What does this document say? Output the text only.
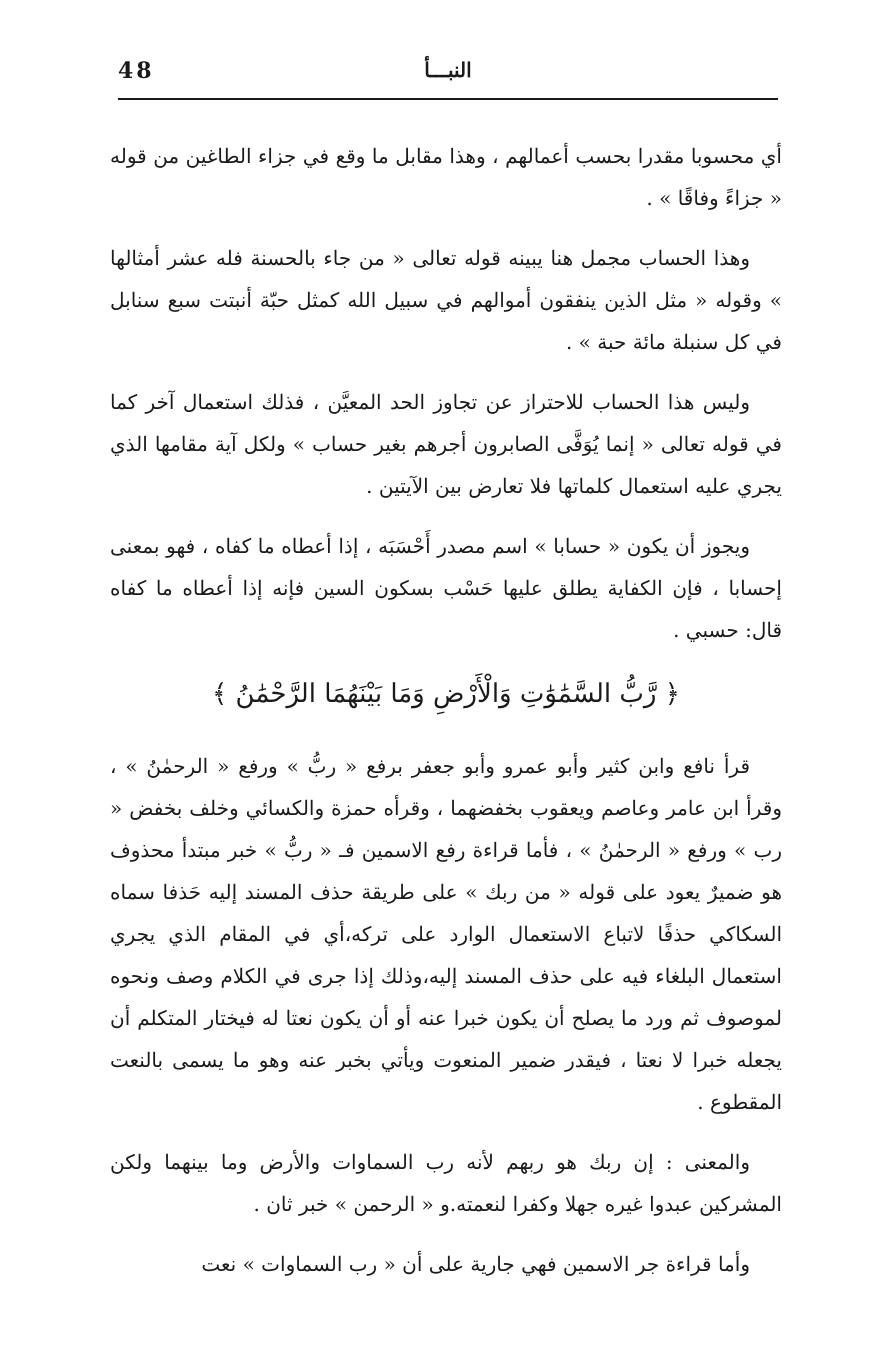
48	النبـــأ

أي محسوبا مقدرا بحسب أعمالهم ، وهذا مقابل ما وقع في جزاء الطاغين من قوله « جزاءً وفاقًا » .

وهذا الحساب مجمل هنا يبينه قوله تعالى « من جاء بالحسنة فله عشر أمثالها » وقوله « مثل الذين ينفقون أموالهم في سبيل الله كمثل حبّة أنبتت سبع سنابل في كل سنبلة مائة حبة » .

وليس هذا الحساب للاحتراز عن تجاوز الحد المعيَّن ، فذلك استعمال آخر كما في قوله تعالى « إنما يُوَفَّى الصابرون أجرهم بغير حساب » ولكل آية مقامها الذي يجري عليه استعمال كلماتها فلا تعارض بين الآيتين .

ويجوز أن يكون « حسابا » اسم مصدر أَحْسَبَه ، إذا أعطاه ما كفاه ، فهو بمعنى إحسابا ، فإن الكفاية يطلق عليها حَسْب بسكون السين فإنه إذا أعطاه ما كفاه قال: حسبي .

﴿ رَّبُّ السَّمَٰوَٰتِ وَالْأَرْضِ وَمَا بَيْنَهُمَا الرَّحْمَٰنُ ﴾

قرأ نافع وابن كثير وأبو عمرو وأبو جعفر برفع « ربُّ » ورفع « الرحمٰنُ » ، وقرأ ابن عامر وعاصم ويعقوب بخفضهما ، وقرأه حمزة والكسائي وخلف بخفض « رب » ورفع « الرحمٰنُ » ، فأما قراءة رفع الاسمين فـ « ربُّ » خبر مبتدأ محذوف هو ضميرٌ يعود على قوله « من ربك » على طريقة حذف المسند إليه حَذفا سماه السكاكي حذفًا لاتباع الاستعمال الوارد على تركه،أي في المقام الذي يجري استعمال البلغاء فيه على حذف المسند إليه،وذلك إذا جرى في الكلام وصف ونحوه لموصوف ثم ورد ما يصلح أن يكون خبرا عنه أو أن يكون نعتا له فيختار المتكلم أن يجعله خبرا لا نعتا ، فيقدر ضمير المنعوت ويأتي بخبر عنه وهو ما يسمى بالنعت المقطوع .

والمعنى : إن ربك هو ربهم لأنه رب السماوات والأرض وما بينهما ولكن المشركين عبدوا غيره جهلا وكفرا لنعمته.و « الرحمن » خبر ثان .

وأما قراءة جر الاسمين فهي جارية على أن « رب السماوات » نعت
